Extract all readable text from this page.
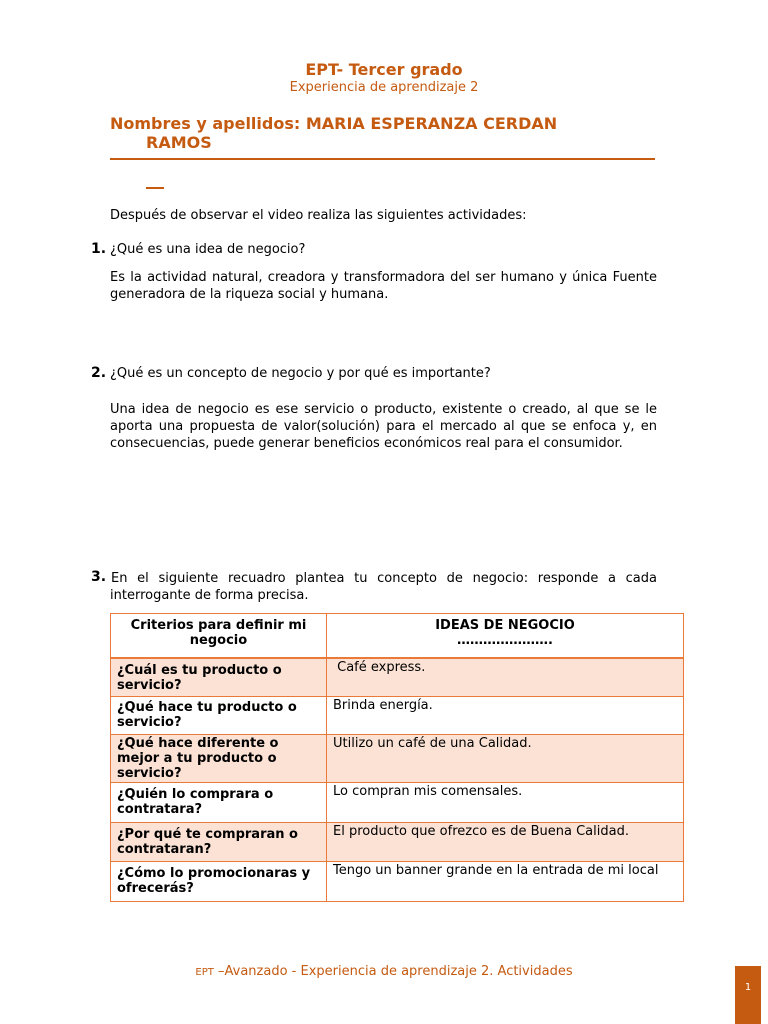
EPT- Tercer grado
Experiencia de aprendizaje 2
Nombres y apellidos: MARIA ESPERANZA CERDAN
RAMOS
Después de observar el video realiza las siguientes actividades:
1. ¿Qué es una idea de negocio?
Es la actividad natural, creadora y transformadora del ser humano y única Fuente generadora de la riqueza social y humana.
2. ¿Qué es un concepto de negocio y por qué es importante?
Una idea de negocio es ese servicio o producto, existente o creado, al que se le aporta una propuesta de valor(solución) para el mercado al que se enfoca y, en consecuencias, puede generar beneficios económicos real para el consumidor.
3. En el siguiente recuadro plantea tu concepto de negocio: responde a cada interrogante de forma precisa.
Criterios para definir mi negocio	IDEAS DE NEGOCIO
………………….

¿Cuál es tu producto o servicio?	Café express.
¿Qué hace tu producto o servicio?	Brinda energía.
¿Qué hace diferente o mejor a tu producto o servicio?	Utilizo un café de una Calidad.
¿Quién lo comprara o contratara?	Lo compran mis comensales.
¿Por qué te compraran o contrataran?	El producto que ofrezco es de Buena Calidad.
¿Cómo lo promocionaras y ofrecerás?	Tengo un banner grande en la entrada de mi local
EPT –Avanzado - Experiencia de aprendizaje 2. Actividades
1
